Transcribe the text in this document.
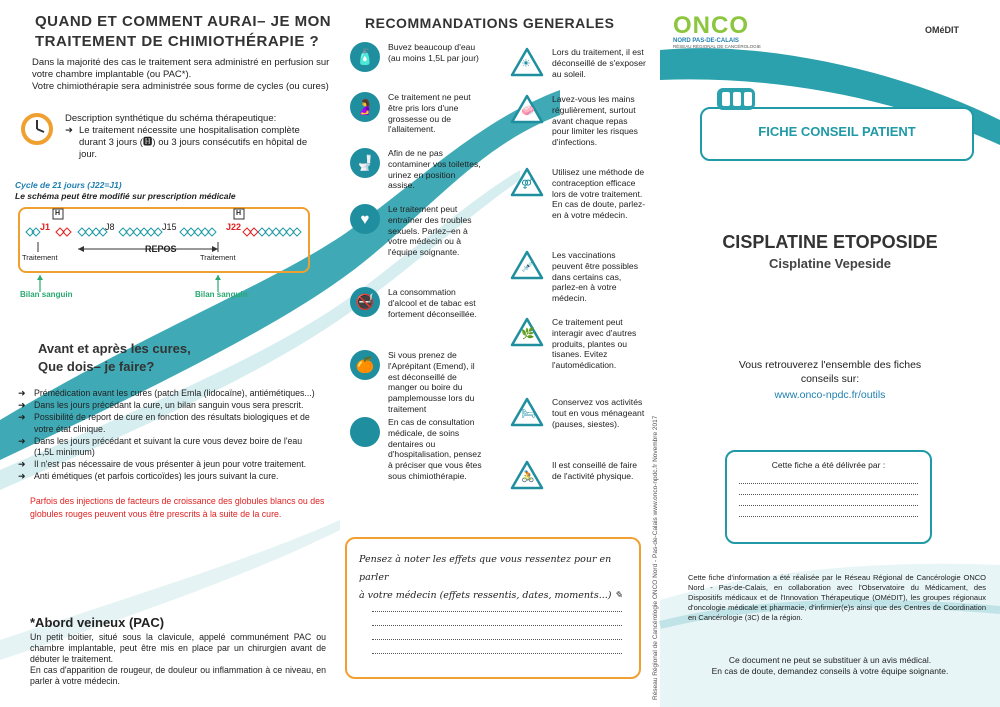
QUAND ET COMMENT AURAI– JE MON
TRAITEMENT DE CHIMIOTHÉRAPIE ?
Dans la majorité des cas le traitement sera administré en perfusion sur votre chambre implantable (ou PAC*).
Votre chimiothérapie sera administrée sous forme de cycles (ou cures)
Description synthétique du schéma thérapeutique:
➜ Le traitement nécessite une hospitalisation complète durant 3 jours (🅷) ou 3 jours consécutifs en hôpital de jour.
Cycle de 21 jours (J22=J1)
Le schéma peut être modifié sur prescription médicale
H	H
J1	J8	J15	J22
REPOS
Traitement	Traitement
Bilan sanguin	Bilan sanguin
Avant et après les cures,
Que dois– je faire?
➜ Prémédication avant les cures (patch Emla (lidocaïne), antiémétiques...)
➜ Dans les jours précédant la cure, un bilan sanguin vous sera prescrit.
➜ Possibilité de report de cure en fonction des résultats biologiques et de votre état clinique.
➜ Dans les jours précédant et suivant la cure vous devez boire de l'eau (1,5L minimum)
➜ Il n'est pas nécessaire de vous présenter à jeun pour votre traitement.
➜ Anti émétiques (et parfois corticoïdes) les jours suivant la cure.
Parfois des injections de facteurs de croissance des globules blancs ou des globules rouges peuvent vous être prescrits à la suite de la cure.
*Abord veineux (PAC)
Un petit boitier, situé sous la clavicule, appelé communément PAC ou chambre implantable, peut être mis en place par un chirurgien avant de débuter le traitement.
En cas d'apparition de rougeur, de douleur ou inflammation à ce niveau, en parler à votre médecin.
RECOMMANDATIONS GENERALES
🧴
Buvez beaucoup d'eau (au moins 1,5L par jour)
🤰
Ce traitement ne peut être pris lors d'une grossesse ou de l'allaitement.
🚽
Afin de ne pas contaminer vos toilettes, urinez en position assise.
♥
Le traitement peut entraîner des troubles sexuels. Parlez–en à votre médecin ou à l'équipe soignante.
🚭
La consommation d'alcool et de tabac est fortement déconseillée.
🍊
Si vous prenez de l'Aprépitant (Emend), il est déconseillé de manger ou boire du pamplemousse lors du traitement
En cas de consultation médicale, de soins dentaires ou d'hospitalisation, pensez à préciser que vous êtes sous chimiothérapie.
☀
Lors du traitement, il est déconseillé de s'exposer au soleil.
🧼
Lavez-vous les mains régulièrement, surtout avant chaque repas pour limiter les risques d'infections.
⚤
Utilisez une méthode de contraception efficace lors de votre traitement. En cas de doute, parlez-en à votre médecin.
💉
Les vaccinations peuvent être possibles dans certains cas, parlez-en à votre médecin.
🌿
Ce traitement peut interagir avec d'autres produits, plantes ou tisanes. Evitez l'automédication.
🛏
Conservez vos activités tout en vous ménageant (pauses, siestes).
🚴
Il est conseillé de faire de l'activité physique.
Pensez à noter les effets que vous ressentez pour en parler
à votre médecin (effets ressentis, dates, moments...) ✎	Réseau Régional de Cancérologie ONCO Nord - Pas-de-Calais www.onco-npdc.fr Novembre 2017
ONCO
NORD PAS-DE-CALAIS
RÉSEAU RÉGIONAL DE CANCÉROLOGIE
OMéDIT
FICHE CONSEIL PATIENT
CISPLATINE ETOPOSIDE
Cisplatine Vepeside
Vous retrouverez l'ensemble des fiches
conseils sur:
www.onco-npdc.fr/outils
Cette fiche a été délivrée par :
Cette fiche d'information a été réalisée par le Réseau Régional de Cancérologie ONCO Nord - Pas-de-Calais, en collaboration avec l'Observatoire du Médicament, des Dispositifs médicaux et de l'Innovation Thérapeutique (OMéDIT), les groupes régionaux d'oncologie médicale et pharmacie, d'infirmier(e)s ainsi que des Centres de Coordination en Cancérologie (3C) de la région.
Ce document ne peut se substituer à un avis médical.
En cas de doute, demandez conseils à votre équipe soignante.
